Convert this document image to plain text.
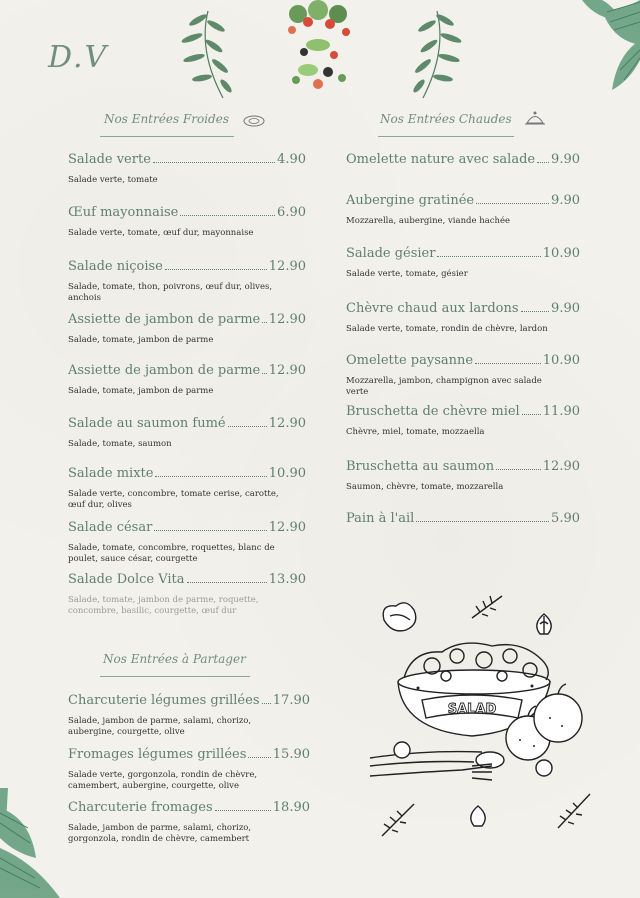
D.V
Nos Entrées Froides
Salade verte	4.90
Salade verte, tomate
Œuf mayonnaise	6.90
Salade verte, tomate, œuf dur, mayonnaise
Salade niçoise	12.90
Salade, tomate, thon, poivrons, œuf dur, olives, anchois
Assiette de jambon de parme 12.90
Salade, tomate, jambon de parme
Assiette de jambon de parme 12.90
Salade, tomate, jambon de parme
Salade au saumon fumé	12.90
Salade, tomate, saumon
Salade mixte	10.90
Salade verte, concombre, tomate cerise, carotte, œuf dur, olives
Salade césar	12.90
Salade, tomate, concombre, roquettes, blanc de poulet, sauce césar, courgette
Salade Dolce Vita	13.90
Salade, tomate, jambon de parme, roquette, concombre, basilic, courgette, œuf dur
Nos Entrées Chaudes
Omelette nature avec salade 9.90
Aubergine gratinée	9.90
Mozzarella, aubergine, viande hachée
Salade gésier	10.90
Salade verte, tomate, gésier
Chèvre chaud aux lardons	9.90
Salade verte, tomate, rondin de chèvre, lardon
Omelette paysanne	10.90
Mozzarella, jambon, champignon avec salade verte
Bruschetta de chèvre miel 11.90
Chèvre, miel, tomate, mozzaella
Bruschetta au saumon	12.90
Saumon, chèvre, tomate, mozzarella
Pain à l'ail	5.90
Nos Entrées à Partager
Charcuterie légumes grillées 17.90
Salade, jambon de parme, salami, chorizo, aubergine, courgette, olive
Fromages légumes grillées 15.90
Salade verte, gorgonzola, rondin de chèvre, camembert, aubergine, courgette, olive
Charcuterie fromages	18.90
Salade, jambon de parme, salami, chorizo, gorgonzola, rondin de chèvre, camembert
SALAD
